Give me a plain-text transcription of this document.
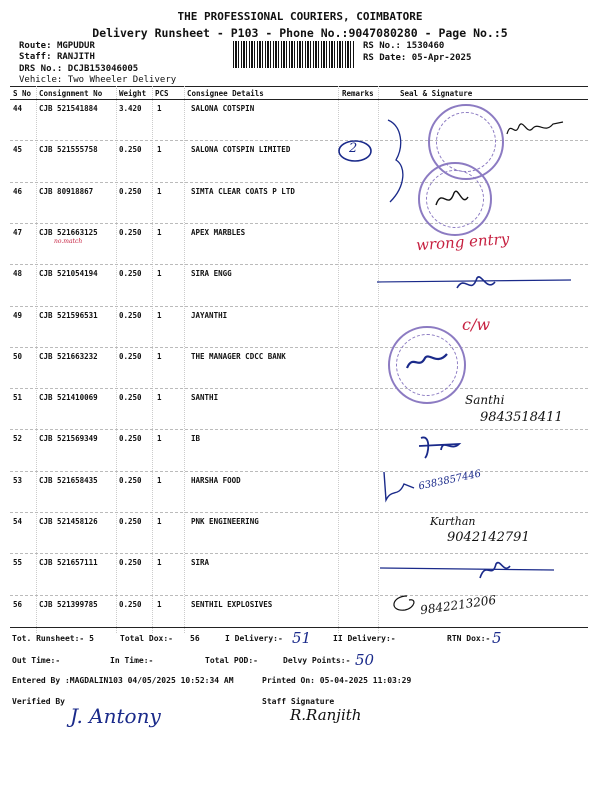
THE PROFESSIONAL COURIERS, COIMBATORE
Delivery Runsheet - P103 - Phone No.:9047080280 - Page No.:5
Route: MGPUDUR
Staff: RANJITH
DRS No.: DCJB153046005
Vehicle: Two Wheeler Delivery
RS No.: 1530460
RS Date: 05-Apr-2025
S No Consignment No Weight PCS Consignee Details	Remarks	Seal & Signature
44 CJB 521541884	3.420 1	SALONA COTSPIN
45 CJB 521555758	0.250 1	SALONA COTSPIN LIMITED
46 CJB 80918867	0.250 1	SIMTA CLEAR COATS P LTD
47 CJB 521663125	0.250 1	APEX MARBLES
48 CJB 521054194	0.250 1	SIRA ENGG
49 CJB 521596531	0.250 1	JAYANTHI
50 CJB 521663232	0.250 1	THE MANAGER CDCC BANK
51 CJB 521410069	0.250 1	SANTHI
52 CJB 521569349	0.250 1	IB
53 CJB 521658435	0.250 1	HARSHA FOOD
54 CJB 521458126	0.250 1	PNK ENGINEERING
55 CJB 521657111	0.250 1	SIRA
56 CJB 521399785	0.250 1	SENTHIL EXPLOSIVES
2
no.match	wrong entry
c/w
Santhi
9843518411
6383857446
Kurthan
9042142791
9842213206
Tot. Runsheet:- 5	Total Dox:- 56	I Delivery:- 51	II Delivery:-	RTN Dox:- 5
Out Time:-	In Time:-	Total POD:-	Delvy Points:- 50
Entered By :MAGDALIN103 04/05/2025 10:52:34 AM	Printed On: 05-04-2025 11:03:29
Verified By
J. Antony
Staff Signature
R.Ranjith
